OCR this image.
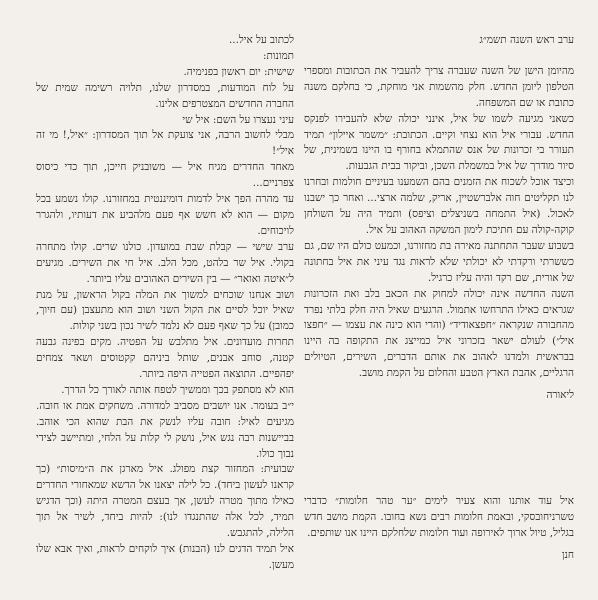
ערב ראש השנה תשמ״ג

מהיומן הישן של השנה שעברה צריך להעביר את הכתובות ומספרי הטלפון ליומן החדש. חלק מהשמות אני מוחקת, כי בחלקם משנה כתובת או שם המשפחה.

כשאני מגיעה לשמו של איל, אינני יכולה שלא להעבירו לפנקס החדש. עבורי איל הוא נצחי וקיים. הכתובת: ״משמר איילון״ תמיד תעורר בי זכרונות של אנס שהתמלא בחורף בו היינו בשמינית, של סיור מודרך של איל במשמלת השכן, וביקור בבית הגבעות.

וכיצד אוכל לשכוח את הזמנים בהם השמענו בעיניים חולמות ובחרנו לנו תקליטים חוה אלברשטיין, אריק, שלמה ארצי... ואחר כך ישבנו לאכול. (איל התמחה בשניצלים וציפס) ותמיד היה על השולחן קוקה-קולה עם חתיכת לימון המשקה האהוב על איל.

בשבוע שעבר התחתנה מאירה בת מחזורנו, וכמעט כולם היו שם, גם כששרתי ורקדתי לא יכולתי שלא לראות נגד עיני את איל בחתונה של אורית, שם רקד והיה עליז כרגיל.

השנה החדשה אינה יכולה למחוק את הכאב בלב ואת הזכרונות שגראים כאילו התרחשו אתמול. הרגעים שאיל היה חלק בלתי נפרד מהחבורה שנקראה ״חפצאודיד״ (והרי הוא כינה את עצמו — ״חפצו איל״) לעולם ישאר בזכרוני איל כמייצג את התקופה בה היינו בבראשית ולמדנו לאהוב את אותם הדברים, השירים, הטיולים הרגליים, אהבת הארץ הטבע והחלום על הקמת מושב.

ליאורה

איל עוד אותנו והוא צעיר לימים ״ער טהר חלומות״ כדברי טשרניחובסקי, ובאמת חלומות רבים נשא בחובו. הקמת מושב חדש בגליל, טיול ארוך לאירופה ועוד חלומות שלחלקם היינו אנו שותפים.

חנן

לכתוב על איל...

תמונות:

שישית: יום ראשון בפנימיה.

על לוח המודעות, במסדרון שלנו, תלויה רשימה שמית של החברה החדשים המצטרפים אלינו.

עיני נעצרו על השם: איל שי

מבלי לחשוב הרבה, אני צועקת אל תוך המסדרון: ״איל,! מי זה איל״!

מאחד החדרים מגיח איל — משובניק חייכן, תוך כדי כיסוס צפרניים...

עד מהרה הפך איל לדמות דומיננטית במחזורנו. קולו נשמע בכל מקום — הוא לא חשש אף פעם מלהביע את דעותיו, ולהגרר לויכוחים.

ערב שישי — קבלת שבת במועדון. כולנו שרים. קולו מתחרה בקולי. איל שר בלהט, מכל הלב. איל חי את השירים. מגיעים ל״איטה ואואר״ — בין השירים האהובים עליו ביותר.

ושוב אנחנו שוכחים למשוך את המלה בקול הראשון, על מנת שאיל יוכל לסיים את הקול השני ושוב הוא מתעצבן (עם חיוך, כמובן) על כך שאף פעם לא נלמד לשיר נכון בשני קולות.

תחרות מועדונים. איל מתלבש על הפטיה. מקים בפינה גבעה קטנה, סוחב אבנים, שותל ביניהם קקטוסים ושאר צמחים יפהפיים. התוצאה הפטייה היפה ביותר.

הוא לא מסתפק בכך וממשיך לטפח אותה לאורך כל הדרך.

י״ב בעומר. אנו יושבים מסביב למדורה. משחקים אמת או חובה. מגיעים לאיל: חובה עליו לנשק את הבת שהוא הכי אוהב. בביישנות רבה נגש איל, נושק לי קלות על הלחי, ומתיישב לצידי נבוך כולו.

שבועית: המחזור קצת מפולג. איל מארגן את ה״מיסות״ (כך קראנו לעשון ביחד). כל לילה יצאנו אל הדשא שמאחורי החדרים כאילו מתוך מטרה לעשן, אך בעצם המטרה היתה (וכך הדגיש תמיד, לכל אלה שהתנגדו לנו): להיות ביחד, לשיר אל תוך הלילה, להתגבש.

איל תמיד הדגים לנו (הבנות) איך לוקחים לראות, ואיך אבא שלו מעשן.
